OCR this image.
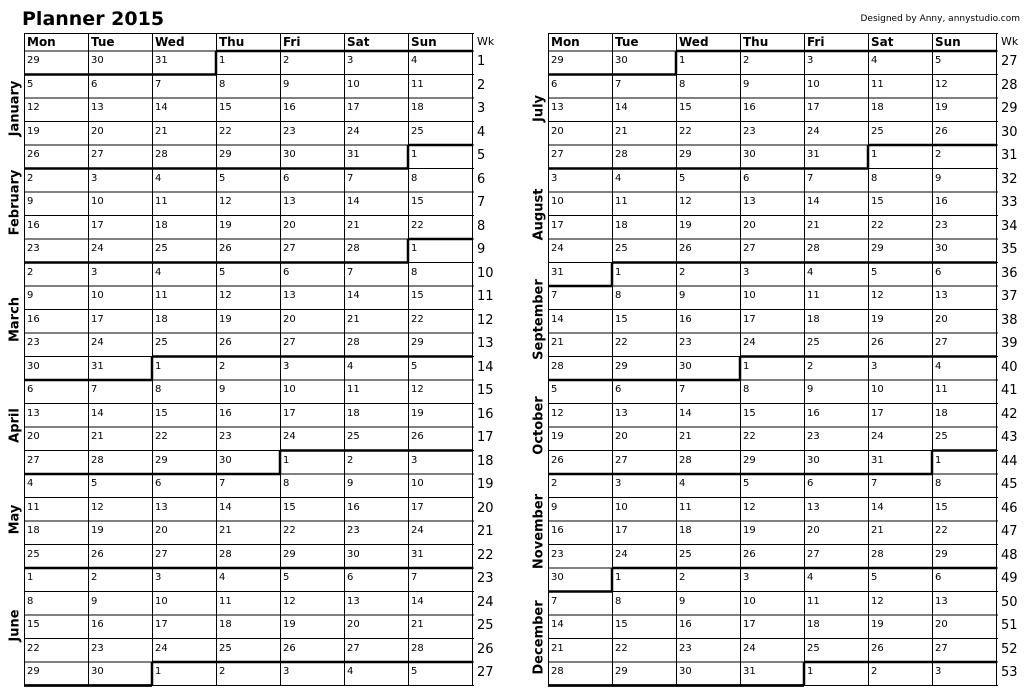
Planner 2015	Designed by Anny, annystudio.com
Mon	Tue	Wed	Thu	Fri	Sat	Sun	Wk
29	30	31	1	2	3	4	1
5	6	7	8	9	10	11	2
12	13	14	15	16	17	18	3
19	20	21	22	23	24	25	4
26	27	28	29	30	31	1	5
2	3	4	5	6	7	8	6
9	10	11	12	13	14	15	7
16	17	18	19	20	21	22	8
23	24	25	26	27	28	1	9
2	3	4	5	6	7	8	10
9	10	11	12	13	14	15	11
16	17	18	19	20	21	22	12
23	24	25	26	27	28	29	13
30	31	1	2	3	4	5	14
6	7	8	9	10	11	12	15
13	14	15	16	17	18	19	16
20	21	22	23	24	25	26	17
27	28	29	30	1	2	3	18
4	5	6	7	8	9	10	19
11	12	13	14	15	16	17	20
18	19	20	21	22	23	24	21
25	26	27	28	29	30	31	22
1	2	3	4	5	6	7	23
8	9	10	11	12	13	14	24
15	16	17	18	19	20	21	25
22	23	24	25	26	27	28	26
29	30	1	2	3	4	5	27
January
February
March
April
May
June
Mon	Tue	Wed	Thu	Fri	Sat	Sun	Wk
29	30	1	2	3	4	5	27
6	7	8	9	10	11	12	28
13	14	15	16	17	18	19	29
20	21	22	23	24	25	26	30
27	28	29	30	31	1	2	31
3	4	5	6	7	8	9	32
10	11	12	13	14	15	16	33
17	18	19	20	21	22	23	34
24	25	26	27	28	29	30	35
31	1	2	3	4	5	6	36
7	8	9	10	11	12	13	37
14	15	16	17	18	19	20	38
21	22	23	24	25	26	27	39
28	29	30	1	2	3	4	40
5	6	7	8	9	10	11	41
12	13	14	15	16	17	18	42
19	20	21	22	23	24	25	43
26	27	28	29	30	31	1	44
2	3	4	5	6	7	8	45
9	10	11	12	13	14	15	46
16	17	18	19	20	21	22	47
23	24	25	26	27	28	29	48
30	1	2	3	4	5	6	49
7	8	9	10	11	12	13	50
14	15	16	17	18	19	20	51
21	22	23	24	25	26	27	52
28	29	30	31	1	2	3	53
July
August
September
October
November
December
